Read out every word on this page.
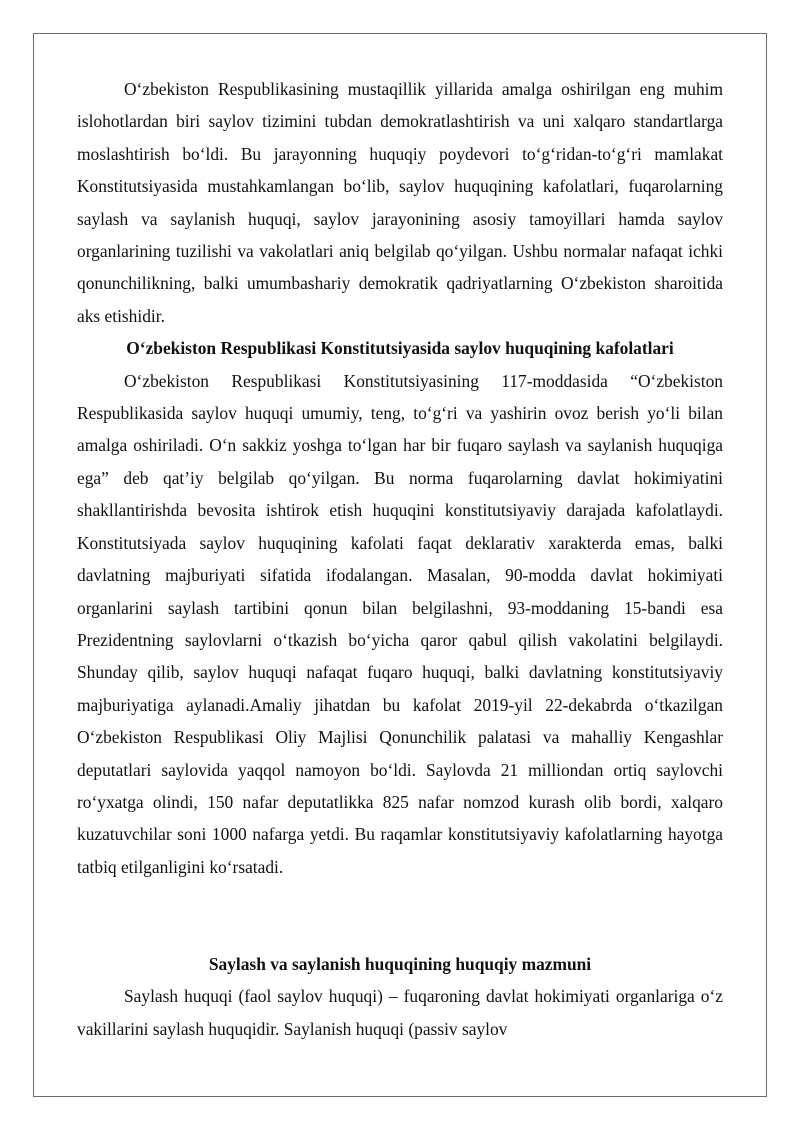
O‘zbekiston Respublikasining mustaqillik yillarida amalga oshirilgan eng muhim islohotlardan biri saylov tizimini tubdan demokratlashtirish va uni xalqaro standartlarga moslashtirish bo‘ldi. Bu jarayonning huquqiy poydevori to‘g‘ridan-to‘g‘ri mamlakat Konstitutsiyasida mustahkamlangan bo‘lib, saylov huquqining kafolatlari, fuqarolarning saylash va saylanish huquqi, saylov jarayonining asosiy tamoyillari hamda saylov organlarining tuzilishi va vakolatlari aniq belgilab qo‘yilgan. Ushbu normalar nafaqat ichki qonunchilikning, balki umumbashariy demokratik qadriyatlarning O‘zbekiston sharoitida aks etishidir.

O‘zbekiston Respublikasi Konstitutsiyasida saylov huquqining kafolatlari

O‘zbekiston Respublikasi Konstitutsiyasining 117-moddasida “O‘zbekiston Respublikasida saylov huquqi umumiy, teng, to‘g‘ri va yashirin ovoz berish yo‘li bilan amalga oshiriladi. O‘n sakkiz yoshga to‘lgan har bir fuqaro saylash va saylanish huquqiga ega” deb qat’iy belgilab qo‘yilgan. Bu norma fuqarolarning davlat hokimiyatini shakllantirishda bevosita ishtirok etish huquqini konstitutsiyaviy darajada kafolatlaydi. Konstitutsiyada saylov huquqining kafolati faqat deklarativ xarakterda emas, balki davlatning majburiyati sifatida ifodalangan. Masalan, 90-modda davlat hokimiyati organlarini saylash tartibini qonun bilan belgilashni, 93-moddaning 15-bandi esa Prezidentning saylovlarni o‘tkazish bo‘yicha qaror qabul qilish vakolatini belgilaydi. Shunday qilib, saylov huquqi nafaqat fuqaro huquqi, balki davlatning konstitutsiyaviy majburiyatiga aylanadi.Amaliy jihatdan bu kafolat 2019-yil 22-dekabrda o‘tkazilgan O‘zbekiston Respublikasi Oliy Majlisi Qonunchilik palatasi va mahalliy Kengashlar deputatlari saylovida yaqqol namoyon bo‘ldi. Saylovda 21 milliondan ortiq saylovchi ro‘yxatga olindi, 150 nafar deputatlikka 825 nafar nomzod kurash olib bordi, xalqaro kuzatuvchilar soni 1000 nafarga yetdi. Bu raqamlar konstitutsiyaviy kafolatlarning hayotga tatbiq etilganligini ko‘rsatadi.

Saylash va saylanish huquqining huquqiy mazmuni

Saylash huquqi (faol saylov huquqi) – fuqaroning davlat hokimiyati organlariga o‘z vakillarini saylash huquqidir. Saylanish huquqi (passiv saylov
